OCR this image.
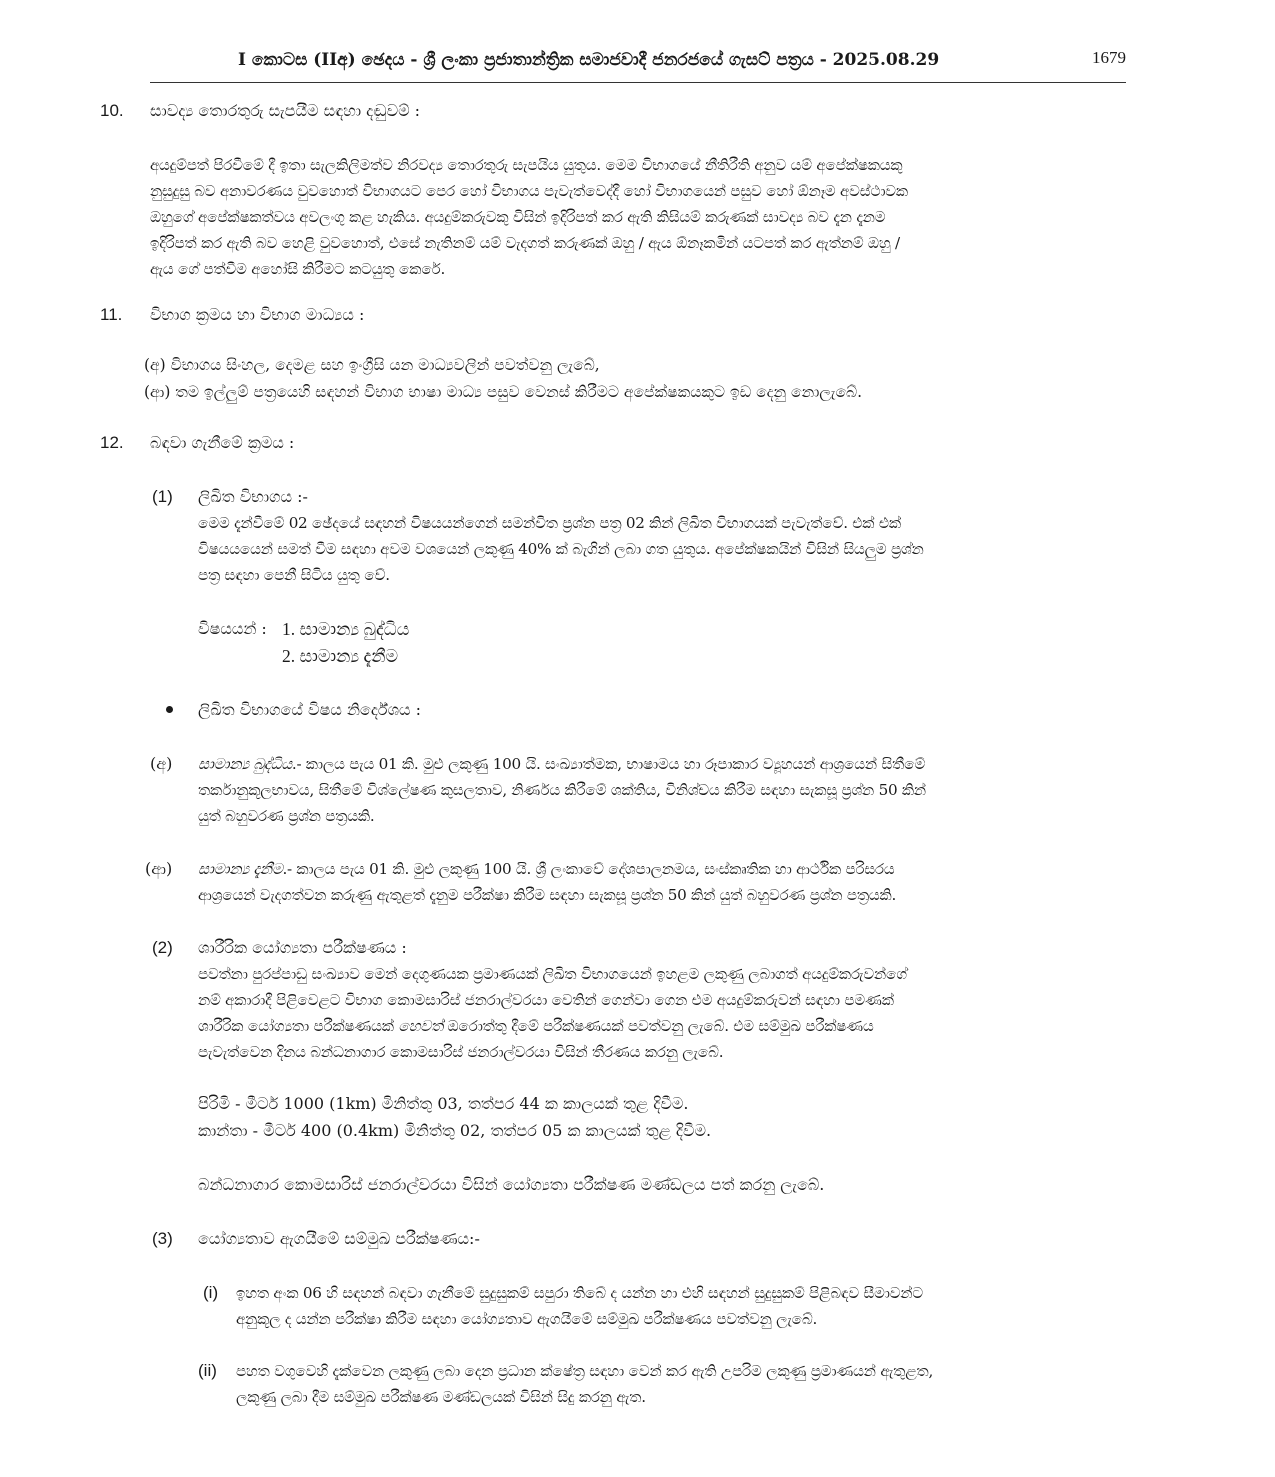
I කොටස (IIඅ) ඡෙදය - ශ්‍රී ලංකා ප්‍රජාතාන්ත්‍රික සමාජවාදී ජනරජයේ ගැසට් පත්‍රය - 2025.08.29	1679
10. සාවද්‍ය තොරතුරු සැපයීම සඳහා දඬුවම් :

අයදුම්පත් පිරවීමේ දී ඉතා සැලකිලිමත්ව නිරවද්‍ය තොරතුරු සැපයිය යුතුය. මෙම විභාගයේ නීතිරීති අනුව යම් අපේක්ෂකයකු

නුසුදුසු බව අනාවරණය වුවහොත් විභාගයට පෙර හෝ විභාගය පැවැත්වෙද්දී හෝ විභාගයෙන් පසුව හෝ ඕනෑම අවස්ථාවක

ඔහුගේ අපේක්ෂකත්වය අවලංගු කළ හැකිය. අයදුම්කරුවකු විසින් ඉදිරිපත් කර ඇති කිසියම් කරුණක් සාවද්‍ය බව දැන දැනම

ඉදිරිපත් කර ඇති බව හෙළි වුවහොත්, එසේ නැතිනම් යම් වැදගත් කරුණක් ඔහු / ඇය ඕනෑකමින් යටපත් කර ඇත්නම් ඔහු /

ඇය ගේ පත්වීම අහෝසි කිරීමට කටයුතු කෙරේ.

11. විභාග ක්‍රමය හා විභාග මාධ්‍යය :
(අ) විභාගය සිංහල, දෙමළ සහ ඉංග්‍රීසි යන මාධ්‍යවලින් පවත්වනු ලැබේ,
(ආ) තම ඉල්ලුම් පත්‍රයෙහි සඳහන් විභාග භාෂා මාධ්‍ය පසුව වෙනස් කිරීමට අපේක්ෂකයකුට ඉඩ දෙනු නොලැබේ.
12. බඳවා ගැනීමේ ක්‍රමය :
(1) ලිඛිත විභාගය :-

මෙම දැන්වීමේ 02 ඡේදයේ සඳහන් විෂයයන්ගෙන් සමන්විත ප්‍රශ්න පත්‍ර 02 කින් ලිඛිත විභාගයක් පැවැත්වේ. එක් එක්

විෂයයයෙන් සමත් වීම සඳහා අවම වශයෙන් ලකුණු 40% ක් බැගින් ලබා ගත යුතුය. අපේක්ෂකයින් විසින් සියලුම ප්‍රශ්න

පත්‍ර සඳහා පෙනී සිටිය යුතු වේ.

විෂයයන් : 1. සාමාන්‍ය බුද්ධිය
2. සාමාන්‍ය දැනීම
ලිඛිත විභාගයේ විෂය නිර්දේශය :
(අ) සාමාන්‍ය බුද්ධිය.- කාලය පැය 01 කි. මුළු ලකුණු 100 යි. සංඛ්‍යාත්මක, භාෂාමය හා රූපාකාර ව්‍යූහයන් ආශ්‍රයෙන් සිතීමේ

තර්කානුකූලභාවය, සිතීමේ විශ්ලේෂණ කුසලතාව, නිර්ණය කිරීමේ ශක්තිය, විනිශ්චය කිරීම සඳහා සැකසූ ප්‍රශ්න 50 කින්

යුත් බහුවරණ ප්‍රශ්න පත්‍රයකි.

(ආ) සාමාන්‍ය දැනීම.- කාලය පැය 01 කි. මුළු ලකුණු 100 යි. ශ්‍රී ලංකාවේ දේශපාලනමය, සංස්කෘතික හා ආර්ථික පරිසරය

ආශ්‍රයෙන් වැදගත්වන කරුණු ඇතුළත් දැනුම පරීක්ෂා කිරීම සඳහා සැකසූ ප්‍රශ්න 50 කින් යුත් බහුවරණ ප්‍රශ්න පත්‍රයකි.

(2) ශාරීරික යෝග්‍යතා පරීක්ෂණය :

පවත්නා පුරප්පාඩු සංඛ්‍යාව මෙන් දෙගුණයක ප්‍රමාණයක් ලිඛිත විභාගයෙන් ඉහළම ලකුණු ලබාගත් අයදුම්කරුවන්ගේ

නම් අකාරාදී පිළිවෙළට විභාග කොමසාරිස් ජනරාල්වරයා වෙතින් ගෙන්වා ගෙන එම අයදුම්කරුවන් සඳහා පමණක්

ශාරීරික යෝග්‍යතා පරීක්ෂණයක් හෙවත් ඔරොත්තු දීමේ පරීක්ෂණයක් පවත්වනු ලැබේ. එම සම්මුඛ පරීක්ෂණය

පැවැත්වෙන දිනය බන්ධනාගාර කොමසාරිස් ජනරාල්වරයා විසින් තීරණය කරනු ලැබේ.

පිරිමි - මීටර් 1000 (1km) මිනිත්තු 03, තත්පර 44 ක කාලයක් තුළ දිවීම.
කාන්තා - මීටර් 400 (0.4km) මිනිත්තු 02, තත්පර 05 ක කාලයක් තුළ දිවීම.
බන්ධනාගාර කොමසාරිස් ජනරාල්වරයා විසින් යෝග්‍යතා පරීක්ෂණ මණ්ඩලය පත් කරනු ලැබේ.
(3) යෝග්‍යතාව ඇගයීමේ සම්මුඛ පරීක්ෂණය:-
(i) ඉහත අංක 06 හි සඳහන් බඳවා ගැනීමේ සුදුසුකම් සපුරා තිබේ ද යන්න හා එහි සඳහන් සුදුසුකම් පිළිබඳව සීමාවන්ට

අනුකූල ද යන්න පරීක්ෂා කිරීම සඳහා යෝග්‍යතාව ඇගයීමේ සම්මුඛ පරීක්ෂණය පවත්වනු ලැබේ.

(ii) පහත වගුවෙහි දැක්වෙන ලකුණු ලබා දෙන ප්‍රධාන ක්ෂේත්‍ර සඳහා වෙන් කර ඇති උපරිම ලකුණු ප්‍රමාණයන් ඇතුළත,

ලකුණු ලබා දීම සම්මුඛ පරීක්ෂණ මණ්ඩලයක් විසින් සිදු කරනු ඇත.
